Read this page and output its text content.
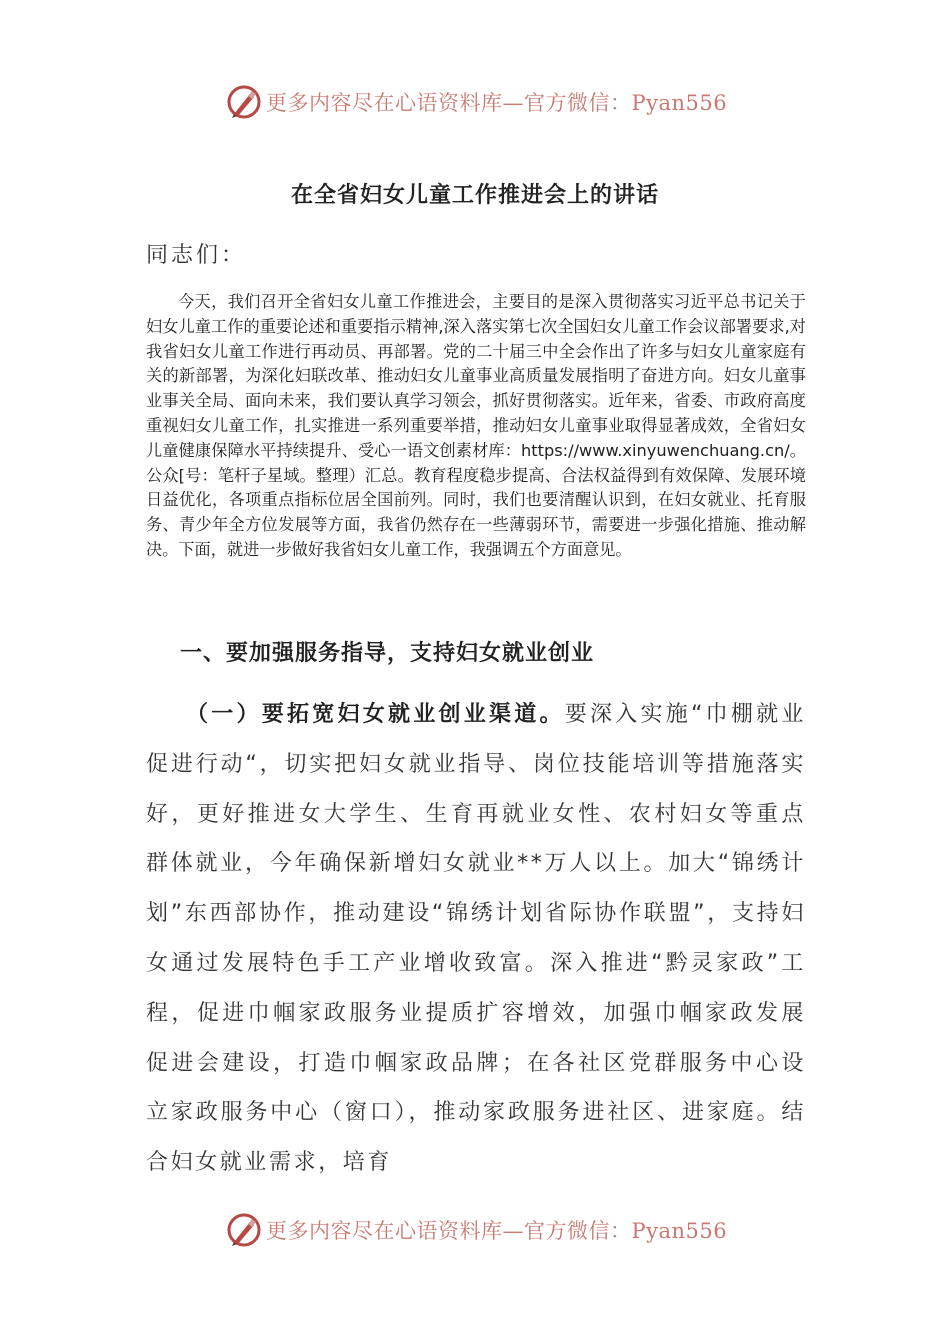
更多内容尽在心语资料库—官方微信：Pyan556
在全省妇女儿童工作推进会上的讲话
同志们：

今天，我们召开全省妇女儿童工作推进会，主要目的是深入贯彻落实习近平总书记关于妇女儿童工作的重要论述和重要指示精神,深入落实第七次全国妇女儿童工作会议部署要求,对我省妇女儿童工作进行再动员、再部署。党的二十届三中全会作出了许多与妇女儿童家庭有关的新部署，为深化妇联改革、推动妇女儿童事业高质量发展指明了奋进方向。妇女儿童事业事关全局、面向未来，我们要认真学习领会，抓好贯彻落实。近年来，省委、市政府高度重视妇女儿童工作，扎实推进一系列重要举措，推动妇女儿童事业取得显著成效，全省妇女儿童健康保障水平持续提升、受心一语文创素材库：https://www.xinyuwenchuang.cn/。公众[号：笔杆子星域。整理）汇总。教育程度稳步提高、合法权益得到有效保障、发展环境日益优化，各项重点指标位居全国前列。同时，我们也要清醒认识到，在妇女就业、托育服务、青少年全方位发展等方面，我省仍然存在一些薄弱环节，需要进一步强化措施、推动解决。下面，就进一步做好我省妇女儿童工作，我强调五个方面意见。

一、要加强服务指导，支持妇女就业创业

（一）要拓宽妇女就业创业渠道。要深入实施“巾棚就业促进行动“，切实把妇女就业指导、岗位技能培训等措施落实好，更好推进女大学生、生育再就业女性、农村妇女等重点群体就业，今年确保新增妇女就业**万人以上。加大“锦绣计划”东西部协作，推动建设“锦绣计划省际协作联盟”，支持妇女通过发展特色手工产业增收致富。深入推进“黔灵家政”工程，促进巾帼家政服务业提质扩容增效，加强巾帼家政发展促进会建设，打造巾帼家政品牌；在各社区党群服务中心设立家政服务中心（窗口），推动家政服务进社区、进家庭。结合妇女就业需求，培育

更多内容尽在心语资料库—官方微信：Pyan556
